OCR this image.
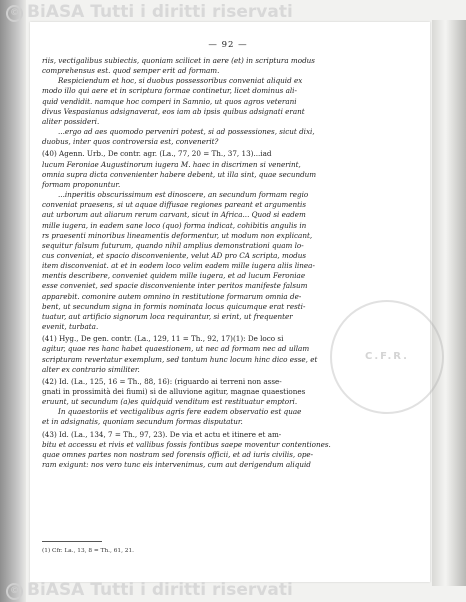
© BiASA Tutti i diritti riservati
© BiASA Tutti i diritti riservati
C.F.R.
— 92 —

riis, vectigalibus subiectis, quoniam scilicet in aere (et) in scriptura modus

comprehensus est. quod semper erit ad formam.

Respiciendum et hoc, si duobus possessoribus conveniat aliquid ex

modo illo qui aere et in scriptura formae continetur, licet dominus ali-

quid vendidit. namque hoc comperi in Samnio, ut quos agros veterani

divus Vespasianus adsignaverat, eos iam ab ipsis quibus adsignati erant

aliter possideri.

...ergo ad aes quomodo perveniri potest, si ad possessiones, sicut dixi,

duobus, inter quos controversia est, convenerit?

(40) Agenn. Urb., De contr. agr. (La., 77, 20 = Th., 37, 13)...iad

lucum Feroniae Augustinorum iugera M. haec in discrimen si venerint,

omnia supra dicta convenienter habere debent, ut illa sint, quae secundum

formam proponuntur.

...inperitis obscurissimum est dinoscere, an secundum formam regio

conveniat praesens, si ut aquae diffusae regiones pareant et argumentis

aut urborum aut aliarum rerum carvant, sicut in Africa... Quod si eadem

mille iugera, in eadem sane loco (quo) forma indicat, cohibitis angulis in

rs praesenti minoribus lineamentis deformentur, ut modum non explicant,

sequitur falsum futurum, quando nihil amplius demonstrationi quam lo-

cus conveniat, et spacio disconveniente, velut AD pro CA scripta, modus

item disconveniat. at et in eodem loco velim eadem mille iugera aliis linea-

mentis describere, conveniet quidem mille iugera, et ad lucum Feroniae

esse conveniet, sed spacie disconveniente inter peritos manifeste falsum

apparebit. comonire autem omnino in restitutione formarum omnia de-

bent, ut secundum signa in formis nominata locus quicumque erat resti-

tuatur, aut artificio signorum loca requirantur, si erint, ut frequenter

evenit, turbata.

(41) Hyg., De gen. contr. (La., 129, 11 = Th., 92, 17)(1): De loco si

agitur, quae res hanc habet quaestionem, ut nec ad formam nec ad ullam

scripturam revertatur exemplum, sed tantum hunc locum hinc dico esse, et

alter ex contrario similiter.

(42) Id. (La., 125, 16 = Th., 88, 16): (riguardo ai terreni non asse-

gnati in prossimità dei fiumi) si de alluvione agitur, magnae quaestiones

eruunt, ut secundum (a)es quidquid venditum est restituatur emptori.

In quaestoriis et vectigalibus agris fere eadem observatio est quae

et in adsignatis, quoniam secundum formas disputatur.

(43) Id. (La., 134, 7 = Th., 97, 23). De via et actu et itinere et am-

bitu et accessu et rivis et vallibus fossis fontibus saepe moventur contentiones.

quae omnes partes non nostram sed forensis officii, et ad iuris civilis, ope-

ram exigunt: nos vero tunc eis intervenimus, cum aut derigendum aliquid

(1) Cfr. La., 13, 8 = Th., 61, 21.
